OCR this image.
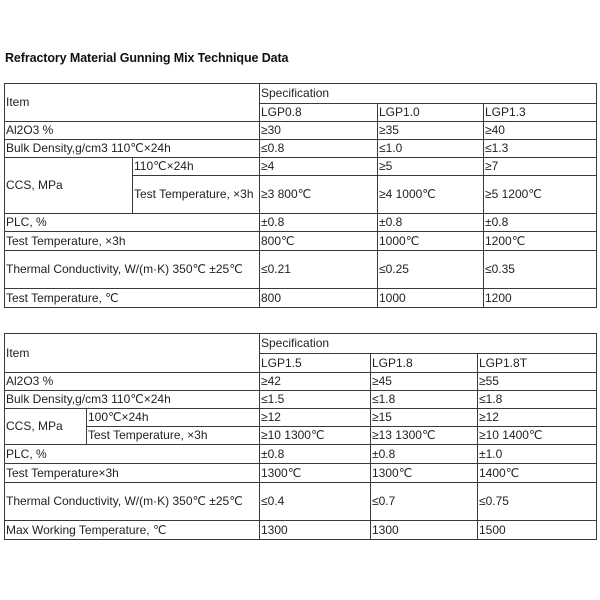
Refractory Material Gunning Mix Technique Data
Item		Specification		
		LGP0.8	LGP1.0	LGP1.3
Al2O3 %		≥30	≥35	≥40
Bulk Density,g/cm3 110℃×24h		≤0.8	≤1.0	≤1.3
CCS, MPa	110℃×24h	≥4	≥5	≥7
	Test Temperature, ×3h	≥3 800℃	≥4 1000℃	≥5 1200℃
PLC, %		±0.8	±0.8	±0.8
Test Temperature, ×3h		800℃	1000℃	1200℃
Thermal Conductivity, W/(m·K) 350℃ ±25℃		≤0.21	≤0.25	≤0.35
Test Temperature, ℃		800	1000	1200
Item		Specification		
		LGP1.5	LGP1.8	LGP1.8T
Al2O3 %		≥42	≥45	≥55
Bulk Density,g/cm3 110℃×24h		≤1.5	≤1.8	≤1.8
CCS, MPa	100℃×24h	≥12	≥15	≥12
	Test Temperature, ×3h	≥10 1300℃	≥13 1300℃	≥10 1400℃
PLC, %		±0.8	±0.8	±1.0
Test Temperature×3h		1300℃	1300℃	1400℃
Thermal Conductivity, W/(m·K) 350℃ ±25℃		≤0.4	≤0.7	≤0.75
Max Working Temperature, ℃		1300	1300	1500
